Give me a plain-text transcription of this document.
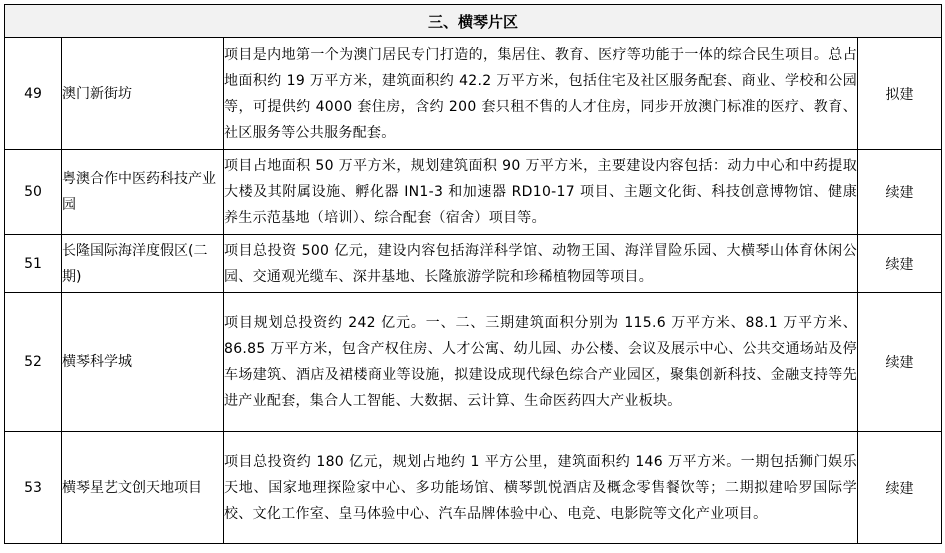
三、横琴片区			
49	澳门新街坊	项目是内地第一个为澳门居民专门打造的，集居住、教育、医疗等功能于一体的综合民生项目。总占地面积约 19 万平方米，建筑面积约 42.2 万平方米，包括住宅及社区服务配套、商业、学校和公园等，可提供约 4000 套住房，含约 200 套只租不售的人才住房，同步开放澳门标准的医疗、教育、社区服务等公共服务配套。	拟建
50	粤澳合作中医药科技产业园	项目占地面积 50 万平方米，规划建筑面积 90 万平方米，主要建设内容包括：动力中心和中药提取大楼及其附属设施、孵化器 IN1-3 和加速器 RD10-17 项目、主题文化街、科技创意博物馆、健康养生示范基地（培训）、综合配套（宿舍）项目等。	续建
51	长隆国际海洋度假区(二期)	项目总投资 500 亿元，建设内容包括海洋科学馆、动物王国、海洋冒险乐园、大横琴山体育休闲公园、交通观光缆车、深井基地、长隆旅游学院和珍稀植物园等项目。	续建
52	横琴科学城	项目规划总投资约 242 亿元。一、二、三期建筑面积分别为 115.6 万平方米、88.1 万平方米、86.85 万平方米，包含产权住房、人才公寓、幼儿园、办公楼、会议及展示中心、公共交通场站及停车场建筑、酒店及裙楼商业等设施，拟建设成现代绿色综合产业园区，聚集创新科技、金融支持等先进产业配套，集合人工智能、大数据、云计算、生命医药四大产业板块。	续建
53	横琴星艺文创天地项目	项目总投资约 180 亿元，规划占地约 1 平方公里，建筑面积约 146 万平方米。一期包括狮门娱乐天地、国家地理探险家中心、多功能场馆、横琴凯悦酒店及概念零售餐饮等；二期拟建哈罗国际学校、文化工作室、皇马体验中心、汽车品牌体验中心、电竞、电影院等文化产业项目。	续建
